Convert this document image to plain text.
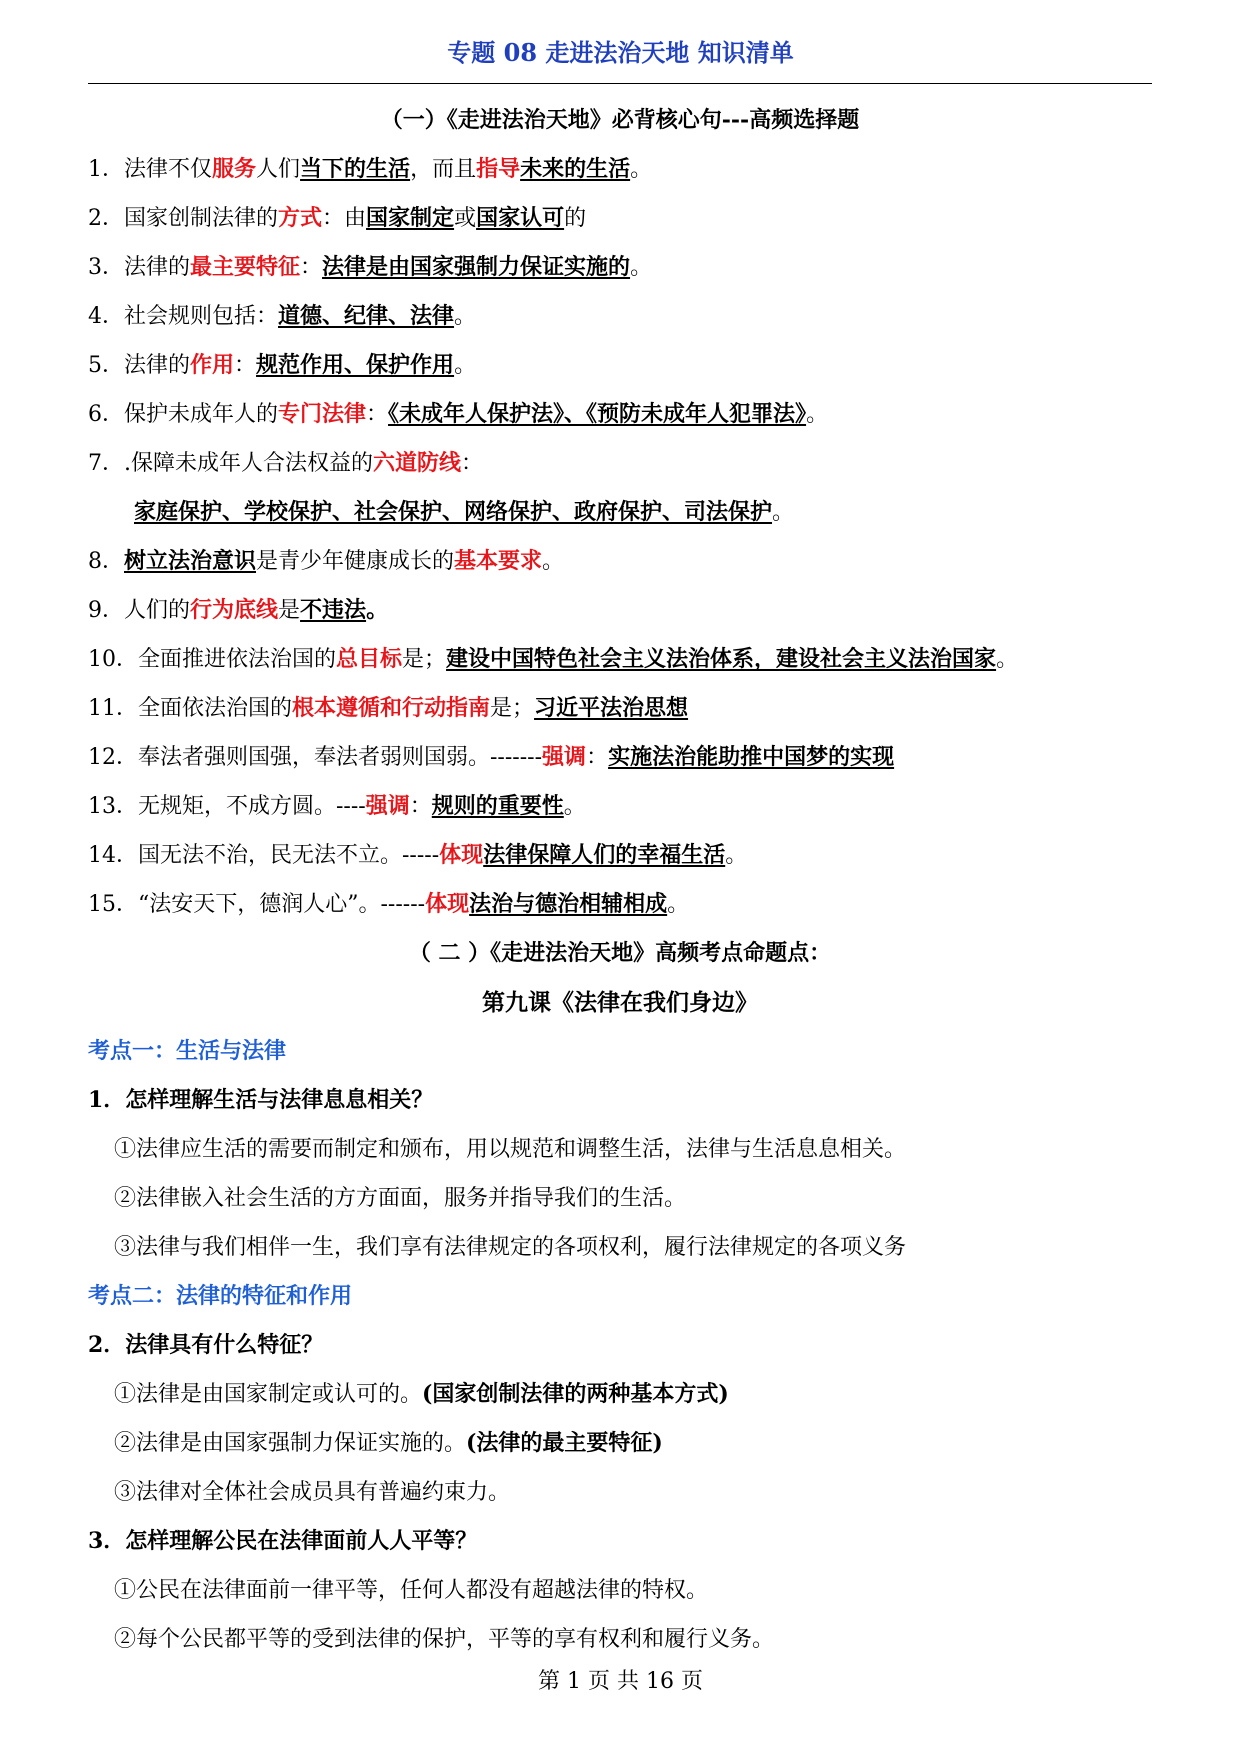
专题 08 走进法治天地 知识清单
（一）《走进法治天地》必背核心句---高频选择题
1．法律不仅服务人们当下的生活，而且指导未来的生活。
2．国家创制法律的方式：由国家制定或国家认可的
3．法律的最主要特征：法律是由国家强制力保证实施的。
4．社会规则包括：道德、纪律、法律。
5．法律的作用：规范作用、保护作用。
6．保护未成年人的专门法律：《未成年人保护法》、《预防未成年人犯罪法》。
7．.保障未成年人合法权益的六道防线：
家庭保护、学校保护、社会保护、网络保护、政府保护、司法保护。
8．树立法治意识是青少年健康成长的基本要求。
9．人们的行为底线是不违法。
10．全面推进依法治国的总目标是；建设中国特色社会主义法治体系，建设社会主义法治国家。
11．全面依法治国的根本遵循和行动指南是；习近平法治思想
12．奉法者强则国强，奉法者弱则国弱。-------强调：实施法治能助推中国梦的实现
13．无规矩，不成方圆。----强调：规则的重要性。
14．国无法不治，民无法不立。-----体现法律保障人们的幸福生活。
15．“法安天下，德润人心”。------体现法治与德治相辅相成。
（ 二 ）《走进法治天地》高频考点命题点：
第九课《法律在我们身边》
考点一：生活与法律
1．怎样理解生活与法律息息相关？
①法律应生活的需要而制定和颁布，用以规范和调整生活，法律与生活息息相关。
②法律嵌入社会生活的方方面面，服务并指导我们的生活。
③法律与我们相伴一生，我们享有法律规定的各项权利，履行法律规定的各项义务
考点二：法律的特征和作用
2．法律具有什么特征？
①法律是由国家制定或认可的。(国家创制法律的两种基本方式)
②法律是由国家强制力保证实施的。(法律的最主要特征)
③法律对全体社会成员具有普遍约束力。
3．怎样理解公民在法律面前人人平等？
①公民在法律面前一律平等，任何人都没有超越法律的特权。
②每个公民都平等的受到法律的保护，平等的享有权利和履行义务。
第 1 页 共 16 页
